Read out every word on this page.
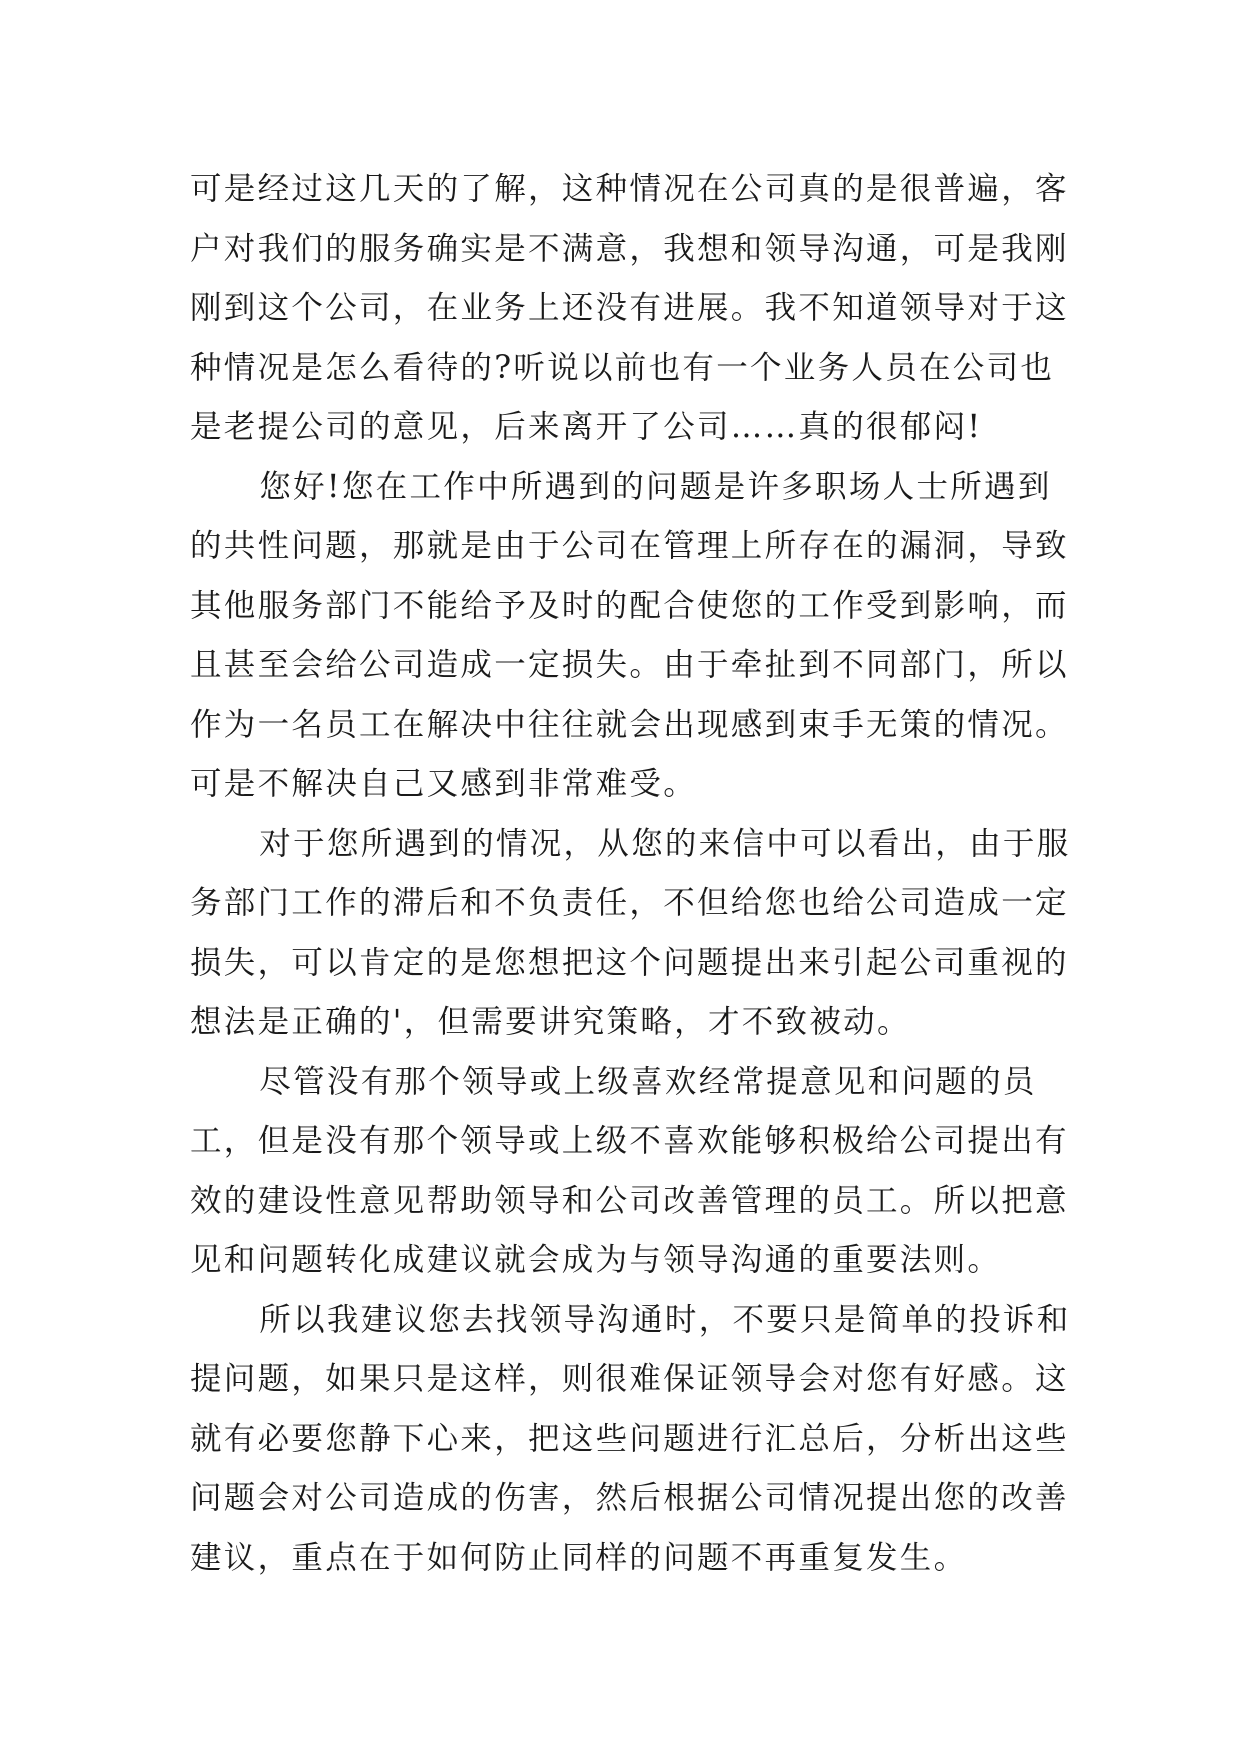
可是经过这几天的了解，这种情况在公司真的是很普遍，客
户对我们的服务确实是不满意，我想和领导沟通，可是我刚
刚到这个公司，在业务上还没有进展。我不知道领导对于这
种情况是怎么看待的?听说以前也有一个业务人员在公司也
是老提公司的意见，后来离开了公司……真的很郁闷!

您好!您在工作中所遇到的问题是许多职场人士所遇到
的共性问题，那就是由于公司在管理上所存在的漏洞，导致
其他服务部门不能给予及时的配合使您的工作受到影响，而
且甚至会给公司造成一定损失。由于牵扯到不同部门，所以
作为一名员工在解决中往往就会出现感到束手无策的情况。
可是不解决自己又感到非常难受。

对于您所遇到的情况，从您的来信中可以看出，由于服
务部门工作的滞后和不负责任，不但给您也给公司造成一定
损失，可以肯定的是您想把这个问题提出来引起公司重视的
想法是正确的'，但需要讲究策略，才不致被动。

尽管没有那个领导或上级喜欢经常提意见和问题的员
工，但是没有那个领导或上级不喜欢能够积极给公司提出有
效的建设性意见帮助领导和公司改善管理的员工。所以把意
见和问题转化成建议就会成为与领导沟通的重要法则。

所以我建议您去找领导沟通时，不要只是简单的投诉和
提问题，如果只是这样，则很难保证领导会对您有好感。这
就有必要您静下心来，把这些问题进行汇总后，分析出这些
问题会对公司造成的伤害，然后根据公司情况提出您的改善
建议，重点在于如何防止同样的问题不再重复发生。
